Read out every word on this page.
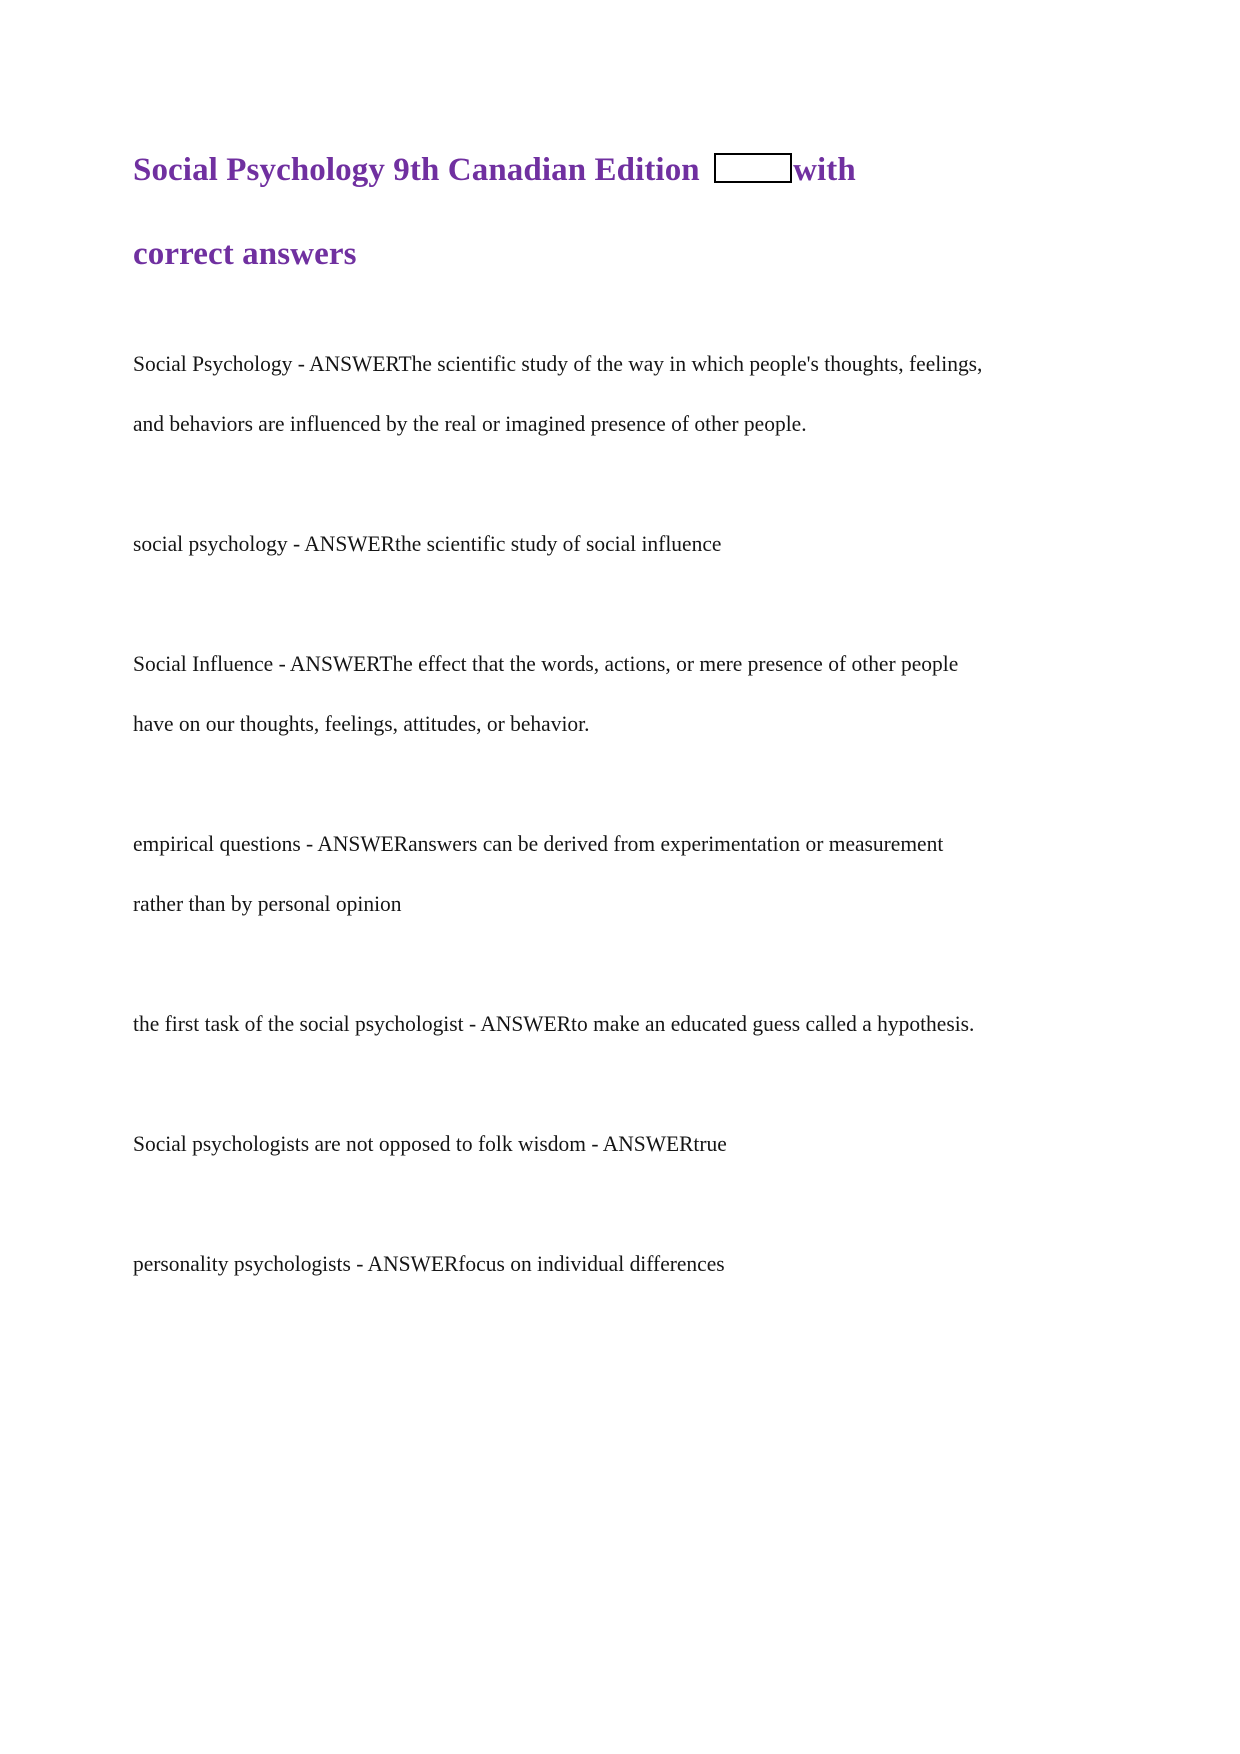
Social Psychology 9th Canadian Edition	with
correct answers

Social Psychology - ANSWERThe scientific study of the way in which people's thoughts, feelings, and behaviors are influenced by the real or imagined presence of other people.

social psychology - ANSWERthe scientific study of social influence

Social Influence - ANSWERThe effect that the words, actions, or mere presence of other people have on our thoughts, feelings, attitudes, or behavior.

empirical questions - ANSWERanswers can be derived from experimentation or measurement rather than by personal opinion

the first task of the social psychologist - ANSWERto make an educated guess called a hypothesis.

Social psychologists are not opposed to folk wisdom - ANSWERtrue

personality psychologists - ANSWERfocus on individual differences
